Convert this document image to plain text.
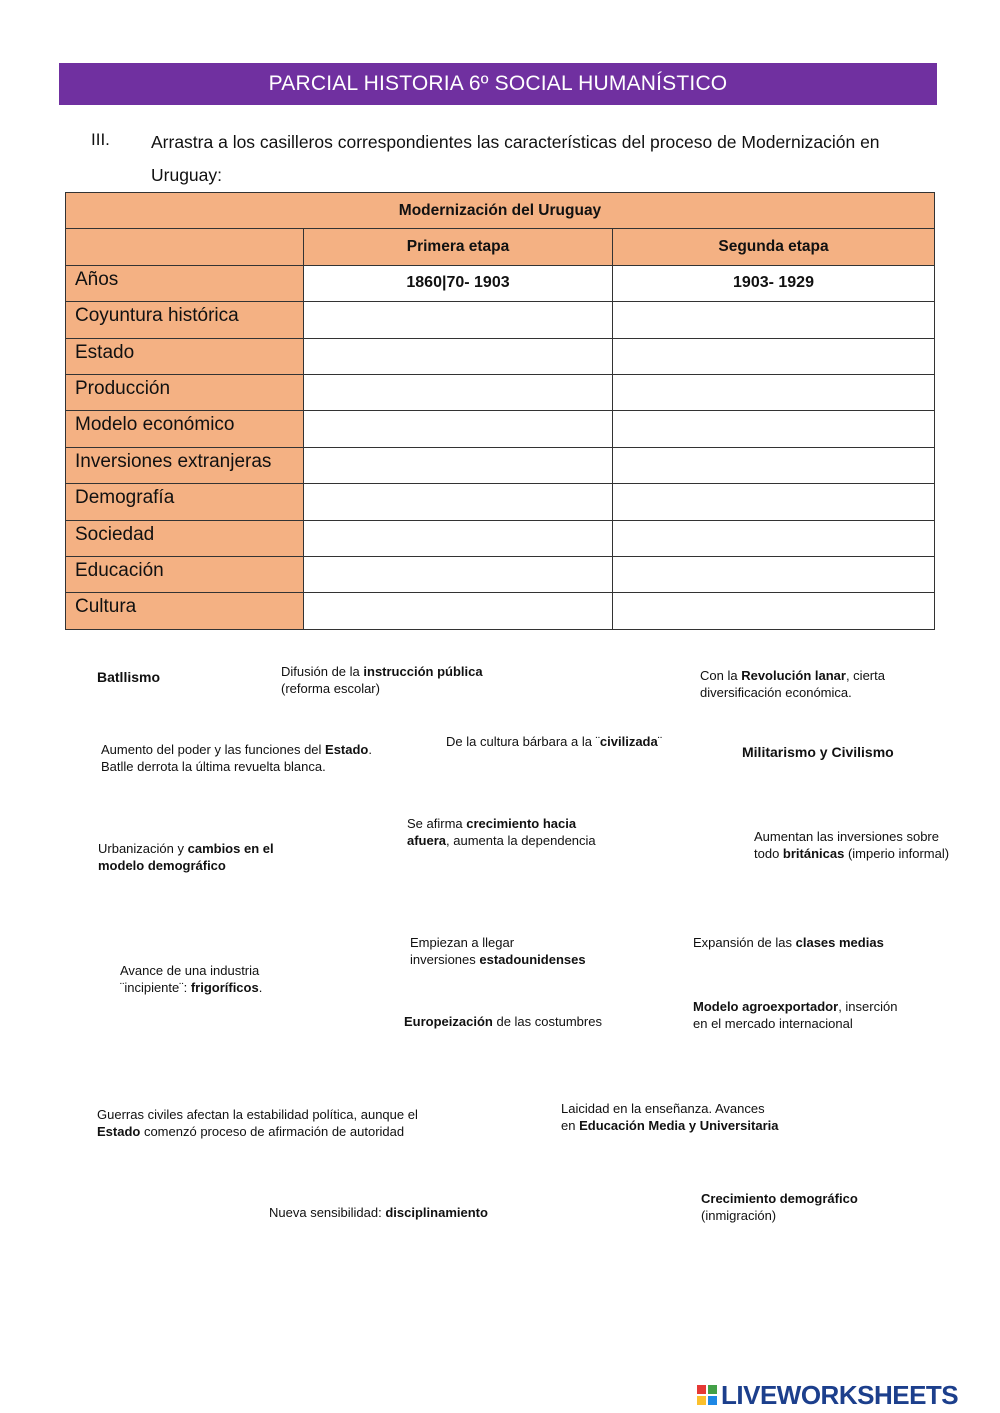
PARCIAL HISTORIA 6º SOCIAL HUMANÍSTICO
III. Arrastra a los casilleros correspondientes las características del proceso de Modernización en Uruguay:
Modernización del Uruguay		
	Primera etapa	Segunda etapa
Años	1860|70- 1903	1903- 1929
Coyuntura histórica		
Estado		
Producción		
Modelo económico		
Inversiones extranjeras		
Demografía		
Sociedad		
Educación		
Cultura		
Batllismo	Difusión de la instrucción pública
(reforma escolar)
Con la Revolución lanar, cierta
diversificación económica.
Aumento del poder y las funciones del Estado.
Batlle derrota la última revuelta blanca.
De la cultura bárbara a la ¨civilizada¨
Militarismo y Civilismo
Se afirma crecimiento hacia
afuera, aumenta la dependencia
Urbanización y cambios en el
modelo demográfico
Aumentan las inversiones sobre
todo británicas (imperio informal)
Empiezan a llegar
inversiones estadounidenses
Expansión de las clases medias
Avance de una industria
¨incipiente¨: frigoríficos.
Europeización de las costumbres
Modelo agroexportador, inserción
en el mercado internacional
Guerras civiles afectan la estabilidad política, aunque el
Estado comenzó proceso de afirmación de autoridad
Laicidad en la enseñanza. Avances
en Educación Media y Universitaria
Nueva sensibilidad: disciplinamiento
Crecimiento demográfico
(inmigración)
LIVEWORKSHEETS
